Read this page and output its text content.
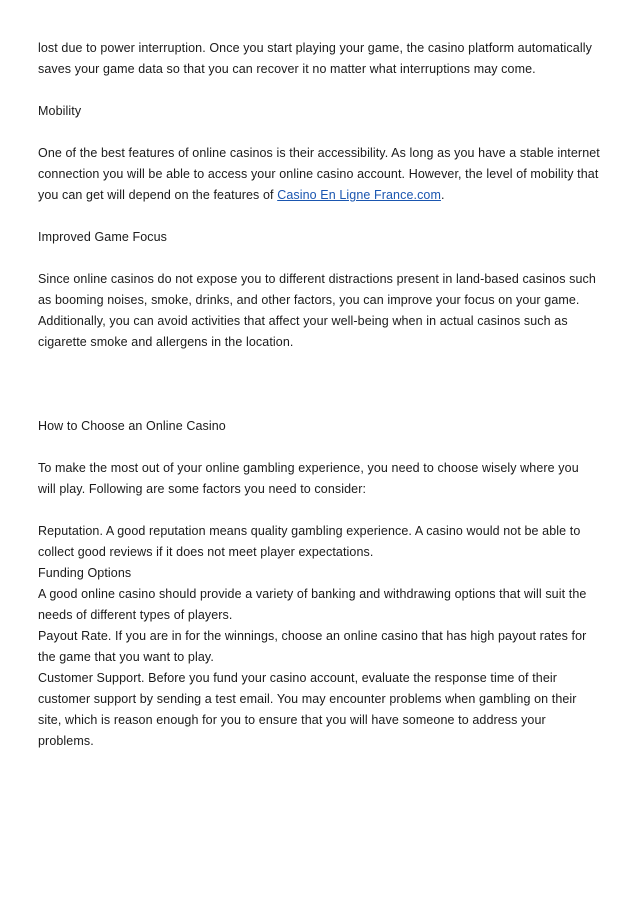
lost due to power interruption. Once you start playing your game, the casino platform automatically saves your game data so that you can recover it no matter what interruptions may come.

Mobility

One of the best features of online casinos is their accessibility. As long as you have a stable internet connection you will be able to access your online casino account. However, the level of mobility that you can get will depend on the features of Casino En Ligne France.com.

Improved Game Focus

Since online casinos do not expose you to different distractions present in land-based casinos such as booming noises, smoke, drinks, and other factors, you can improve your focus on your game. Additionally, you can avoid activities that affect your well-being when in actual casinos such as cigarette smoke and allergens in the location.

How to Choose an Online Casino

To make the most out of your online gambling experience, you need to choose wisely where you will play. Following are some factors you need to consider:

Reputation. A good reputation means quality gambling experience. A casino would not be able to collect good reviews if it does not meet player expectations.

Funding Options

A good online casino should provide a variety of banking and withdrawing options that will suit the needs of different types of players.

Payout Rate. If you are in for the winnings, choose an online casino that has high payout rates for the game that you want to play.

Customer Support. Before you fund your casino account, evaluate the response time of their customer support by sending a test email. You may encounter problems when gambling on their site, which is reason enough for you to ensure that you will have someone to address your problems.
